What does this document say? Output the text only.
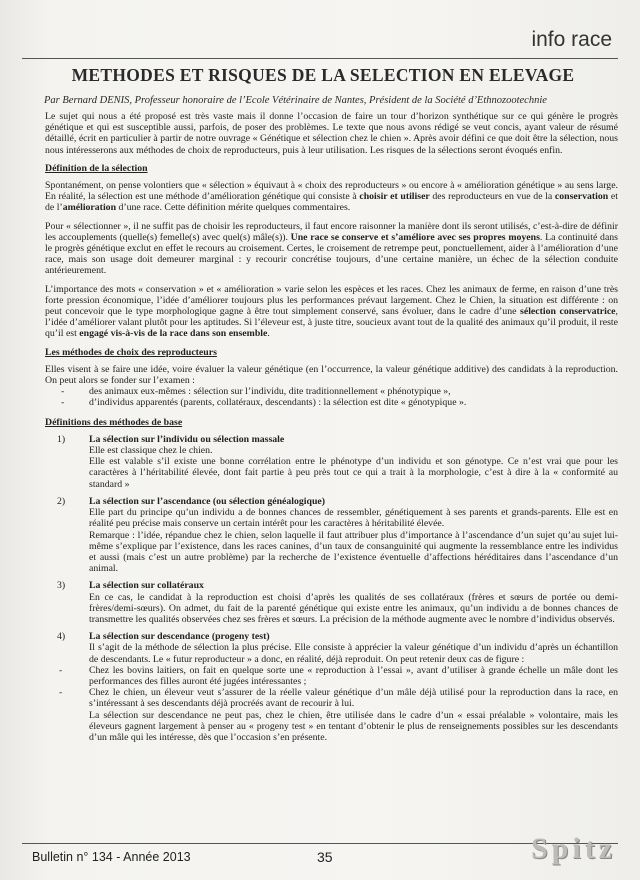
info race
METHODES ET RISQUES DE LA SELECTION EN ELEVAGE
Par Bernard DENIS, Professeur honoraire de l’Ecole Vétérinaire de Nantes, Président de la Société d’Ethnozootechnie

Le sujet qui nous a été proposé est très vaste mais il donne l’occasion de faire un tour d’horizon synthétique sur ce qui génère le progrès génétique et qui est susceptible aussi, parfois, de poser des problèmes. Le texte que nous avons rédigé se veut concis, ayant valeur de résumé détaillé, écrit en particulier à partir de notre ouvrage « Génétique et sélection chez le chien ». Après avoir défini ce que doit être la sélection, nous nous intéresserons aux méthodes de choix de reproducteurs, puis à leur utilisation. Les risques de la sélections seront évoqués enfin.

Définition de la sélection

Spontanément, on pense volontiers que « sélection » équivaut à « choix des reproducteurs » ou encore à « amélioration génétique » au sens large. En réalité, la sélection est une méthode d’amélioration génétique qui consiste à choisir et utiliser des reproducteurs en vue de la conservation et de l’amélioration d’une race. Cette définition mérite quelques commentaires.

Pour « sélectionner », il ne suffit pas de choisir les reproducteurs, il faut encore raisonner la manière dont ils seront utilisés, c’est-à-dire de définir les accouplements (quelle(s) femelle(s) avec quel(s) mâle(s)). Une race se conserve et s’améliore avec ses propres moyens. La continuité dans le progrès génétique exclut en effet le recours au croisement. Certes, le croisement de retrempe peut, ponctuellement, aider à l’amélioration d’une race, mais son usage doit demeurer marginal : y recourir concrétise toujours, d’une certaine manière, un échec de la sélection conduite antérieurement.

L’importance des mots « conservation » et « amélioration » varie selon les espèces et les races. Chez les animaux de ferme, en raison d’une très forte pression économique, l’idée d’améliorer toujours plus les performances prévaut largement. Chez le Chien, la situation est différente : on peut concevoir que le type morphologique gagne à être tout simplement conservé, sans évoluer, dans le cadre d’une sélection conservatrice, l’idée d’améliorer valant plutôt pour les aptitudes. Si l’éleveur est, à juste titre, soucieux avant tout de la qualité des animaux qu’il produit, il reste qu’il est engagé vis-à-vis de la race dans son ensemble.

Les méthodes de choix des reproducteurs

Elles visent à se faire une idée, voire évaluer la valeur génétique (en l’occurrence, la valeur génétique additive) des candidats à la reproduction. On peut alors se fonder sur l’examen :

- des animaux eux-mêmes : sélection sur l’individu, dite traditionnellement « phénotypique »,
- d’individus apparentés (parents, collatéraux, descendants) : la sélection est dite « génotypique ».
Définitions des méthodes de base
1)	La sélection sur l’individu ou sélection massale
Elle est classique chez le chien.
Elle est valable s’il existe une bonne corrélation entre le phénotype d’un individu et son génotype. Ce n’est vrai que pour les caractères à l’héritabilité élevée, dont fait partie à peu près tout ce qui a trait à la morphologie, c’est à dire à la « conformité au standard »
2)	La sélection sur l’ascendance (ou sélection généalogique)
Elle part du principe qu’un individu a de bonnes chances de ressembler, génétiquement à ses parents et grands-parents. Elle est en réalité peu précise mais conserve un certain intérêt pour les caractères à héritabilité élevée.
Remarque : l’idée, répandue chez le chien, selon laquelle il faut attribuer plus d’importance à l’ascendance d’un sujet qu’au sujet lui-même s’explique par l’existence, dans les races canines, d’un taux de consanguinité qui augmente la ressemblance entre les individus et aussi (mais c’est un autre problème) par la recherche de l’existence éventuelle d’affections héréditaires dans l’ascendance d’un animal.
3)	La sélection sur collatéraux
En ce cas, le candidat à la reproduction est choisi d’après les qualités de ses collatéraux (frères et sœurs de portée ou demi-frères/demi-sœurs). On admet, du fait de la parenté génétique qui existe entre les animaux, qu’un individu a de bonnes chances de transmettre les qualités observées chez ses frères et sœurs. La précision de la méthode augmente avec le nombre d’individus observés.
4)	La sélection sur descendance (progeny test)
Il s’agit de la méthode de sélection la plus précise. Elle consiste à apprécier la valeur génétique d’un individu d’après un échantillon de descendants. Le « futur reproducteur » a donc, en réalité, déjà reproduit. On peut retenir deux cas de figure :
-	Chez les bovins laitiers, on fait en quelque sorte une « reproduction à l’essai », avant d’utiliser à grande échelle un mâle dont les performances des filles auront été jugées intéressantes ;
-	Chez le chien, un éleveur veut s’assurer de la réelle valeur génétique d’un mâle déjà utilisé pour la reproduction dans la race, en s’intéressant à ses descendants déjà procréés avant de recourir à lui.
La sélection sur descendance ne peut pas, chez le chien, être utilisée dans le cadre d’un « essai préalable » volontaire, mais les éleveurs gagnent largement à penser au « progeny test » en tentant d’obtenir le plus de renseignements possibles sur les descendants d’un mâle qui les intéresse, dès que l’occasion s’en présente.
Bulletin n° 134 - Année 2013	35	Spitz
